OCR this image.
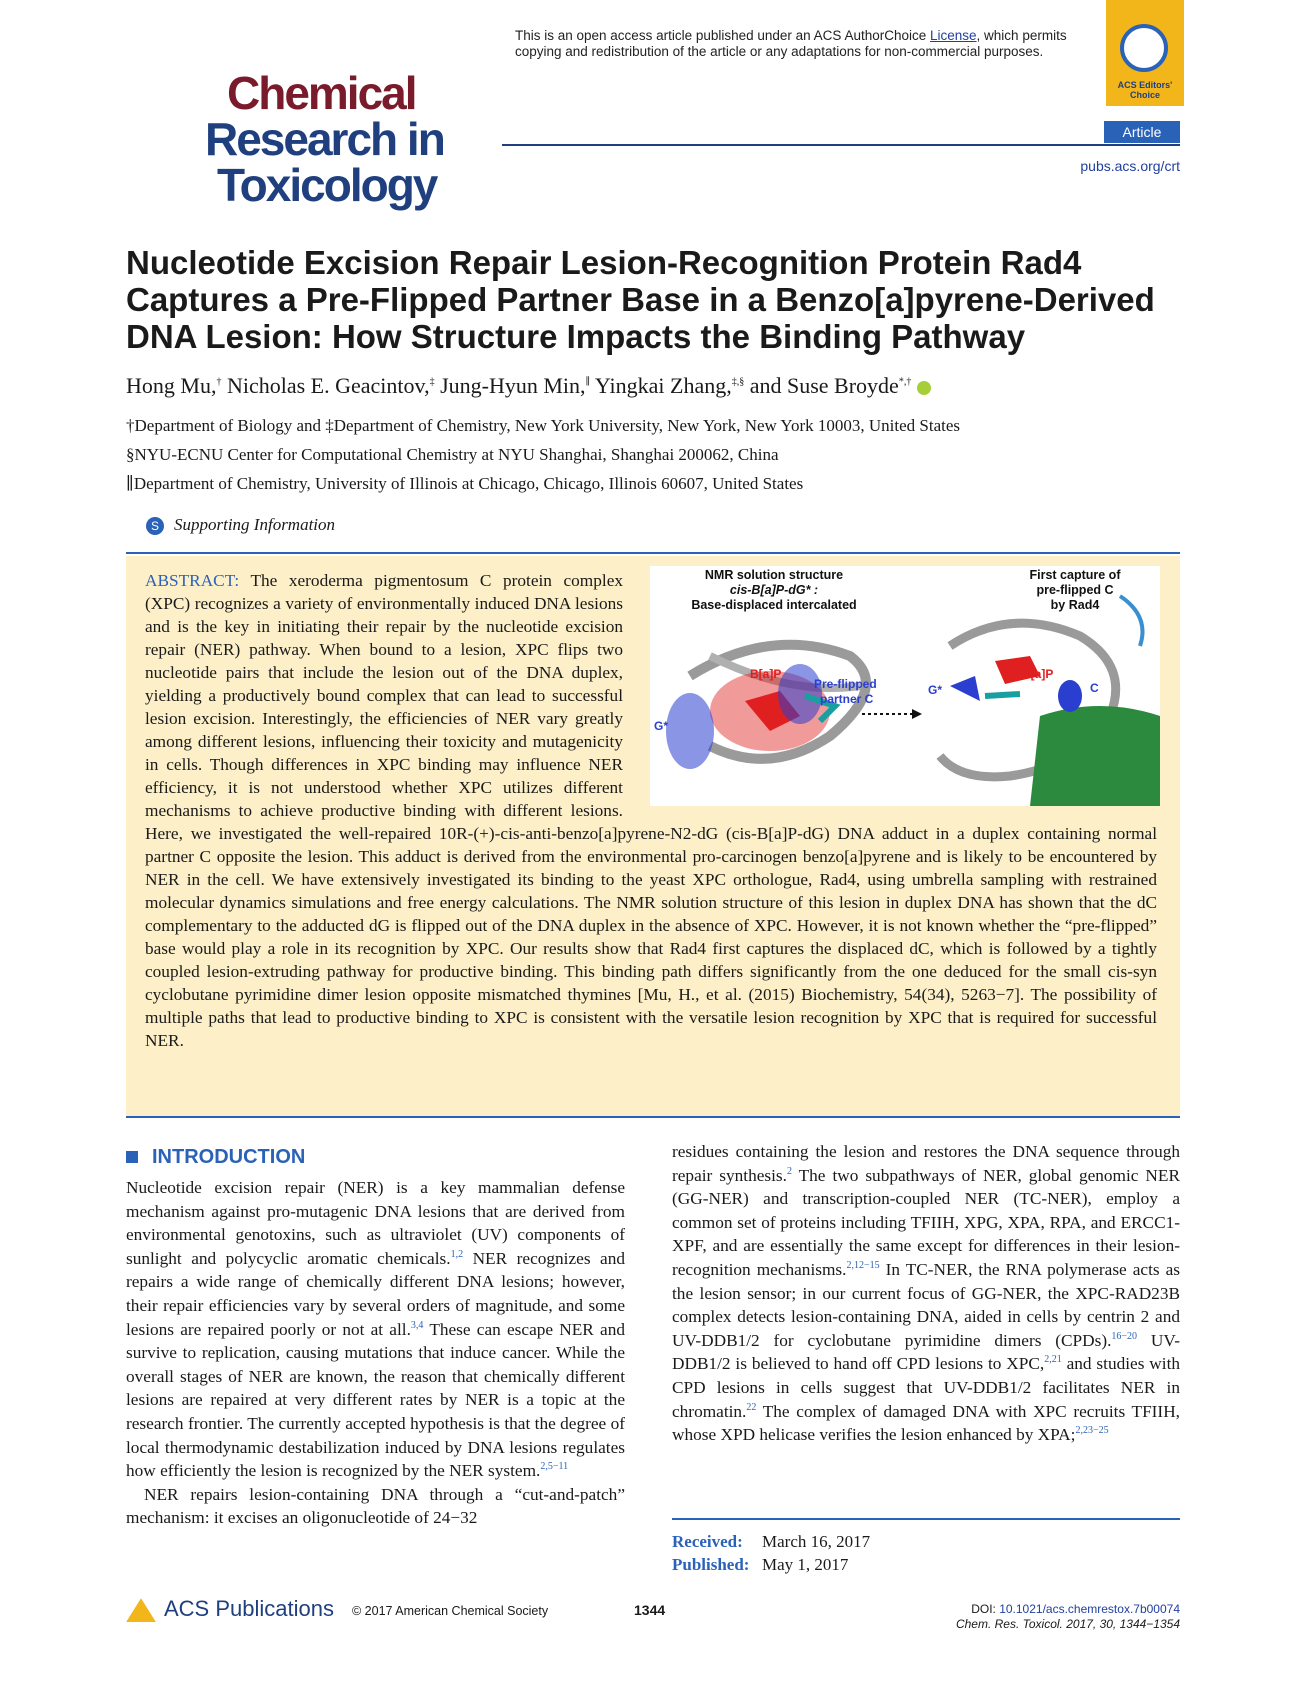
Chemical
Research in
Toxicology
This is an open access article published under an ACS AuthorChoice License, which permits copying and redistribution of the article or any adaptations for non-commercial purposes.
ACS Editors' Choice
Article
pubs.acs.org/crt
Nucleotide Excision Repair Lesion-Recognition Protein Rad4 Captures a Pre-Flipped Partner Base in a Benzo[a]pyrene-Derived DNA Lesion: How Structure Impacts the Binding Pathway
Hong Mu,† Nicholas E. Geacintov,‡ Jung-Hyun Min,∥ Yingkai Zhang,‡,§ and Suse Broyde*,†
†Department of Biology and ‡Department of Chemistry, New York University, New York, New York 10003, United States
§NYU-ECNU Center for Computational Chemistry at NYU Shanghai, Shanghai 200062, China
∥Department of Chemistry, University of Illinois at Chicago, Chicago, Illinois 60607, United States
S Supporting Information
ABSTRACT: The xeroderma pigmentosum C protein complex (XPC) recognizes a variety of environmentally induced DNA lesions and is the key in initiating their repair by the nucleotide excision repair (NER) pathway. When bound to a lesion, XPC flips two nucleotide pairs that include the lesion out of the DNA duplex, yielding a productively bound complex that can lead to successful lesion excision. Interestingly, the efficiencies of NER vary greatly among different lesions, influencing their toxicity and mutagenicity in cells. Though differences in XPC binding may influence NER efficiency, it is not understood whether XPC utilizes different mechanisms to achieve productive binding with different lesions. Here, we investigated the well-repaired 10R-(+)-cis-anti-benzo[a]pyrene-N2-dG (cis-B[a]P-dG) DNA adduct in a duplex containing normal partner C opposite the lesion. This adduct is derived from the environmental pro-carcinogen benzo[a]pyrene and is likely to be encountered by NER in the cell. We have extensively investigated its binding to the yeast XPC orthologue, Rad4, using umbrella sampling with restrained molecular dynamics simulations and free energy calculations. The NMR solution structure of this lesion in duplex DNA has shown that the dC complementary to the adducted dG is flipped out of the DNA duplex in the absence of XPC. However, it is not known whether the “pre-flipped” base would play a role in its recognition by XPC. Our results show that Rad4 first captures the displaced dC, which is followed by a tightly coupled lesion-extruding pathway for productive binding. This binding path differs significantly from the one deduced for the small cis-syn cyclobutane pyrimidine dimer lesion opposite mismatched thymines [Mu, H., et al. (2015) Biochemistry, 54(34), 5263−7]. The possibility of multiple paths that lead to productive binding to XPC is consistent with the versatile lesion recognition by XPC that is required for successful NER.
NMR solution structure
cis-B[a]P-dG* :
Base-displaced intercalated
First capture of
pre-flipped C
by Rad4
B[a]P
Pre-flipped
partner C
G*
B[a]P
G*	C
INTRODUCTION

Nucleotide excision repair (NER) is a key mammalian defense mechanism against pro-mutagenic DNA lesions that are derived from environmental genotoxins, such as ultraviolet (UV) components of sunlight and polycyclic aromatic chemicals.$^{1,2}$ NER recognizes and repairs a wide range of chemically different DNA lesions; however, their repair efficiencies vary by several orders of magnitude, and some lesions are repaired poorly or not at all.$^{3,4}$ These can escape NER and survive to replication, causing mutations that induce cancer. While the overall stages of NER are known, the reason that chemically different lesions are repaired at very different rates by NER is a topic at the research frontier. The currently accepted hypothesis is that the degree of local thermodynamic destabilization induced by DNA lesions regulates how efficiently the lesion is recognized by the NER system.$^{2,5-11}$

NER repairs lesion-containing DNA through a “cut-and-patch” mechanism: it excises an oligonucleotide of 24−32

residues containing the lesion and restores the DNA sequence through repair synthesis.$^2$ The two subpathways of NER, global genomic NER (GG-NER) and transcription-coupled NER (TC-NER), employ a common set of proteins including TFIIH, XPG, XPA, RPA, and ERCC1-XPF, and are essentially the same except for differences in their lesion-recognition mechanisms.$^{2,12-15}$ In TC-NER, the RNA polymerase acts as the lesion sensor; in our current focus of GG-NER, the XPC-RAD23B complex detects lesion-containing DNA, aided in cells by centrin 2 and UV-DDB1/2 for cyclobutane pyrimidine dimers (CPDs).$^{16-20}$ UV-DDB1/2 is believed to hand off CPD lesions to XPC,$^{2,21}$ and studies with CPD lesions in cells suggest that UV-DDB1/2 facilitates NER in chromatin.$^{22}$ The complex of damaged DNA with XPC recruits TFIIH, whose XPD helicase verifies the lesion enhanced by XPA;$^{2,23-25}$

Received: March 16, 2017
Published: May 1, 2017
ACS Publications © 2017 American Chemical Society	1344	DOI: 10.1021/acs.chemrestox.7b00074
Chem. Res. Toxicol. 2017, 30, 1344−1354
